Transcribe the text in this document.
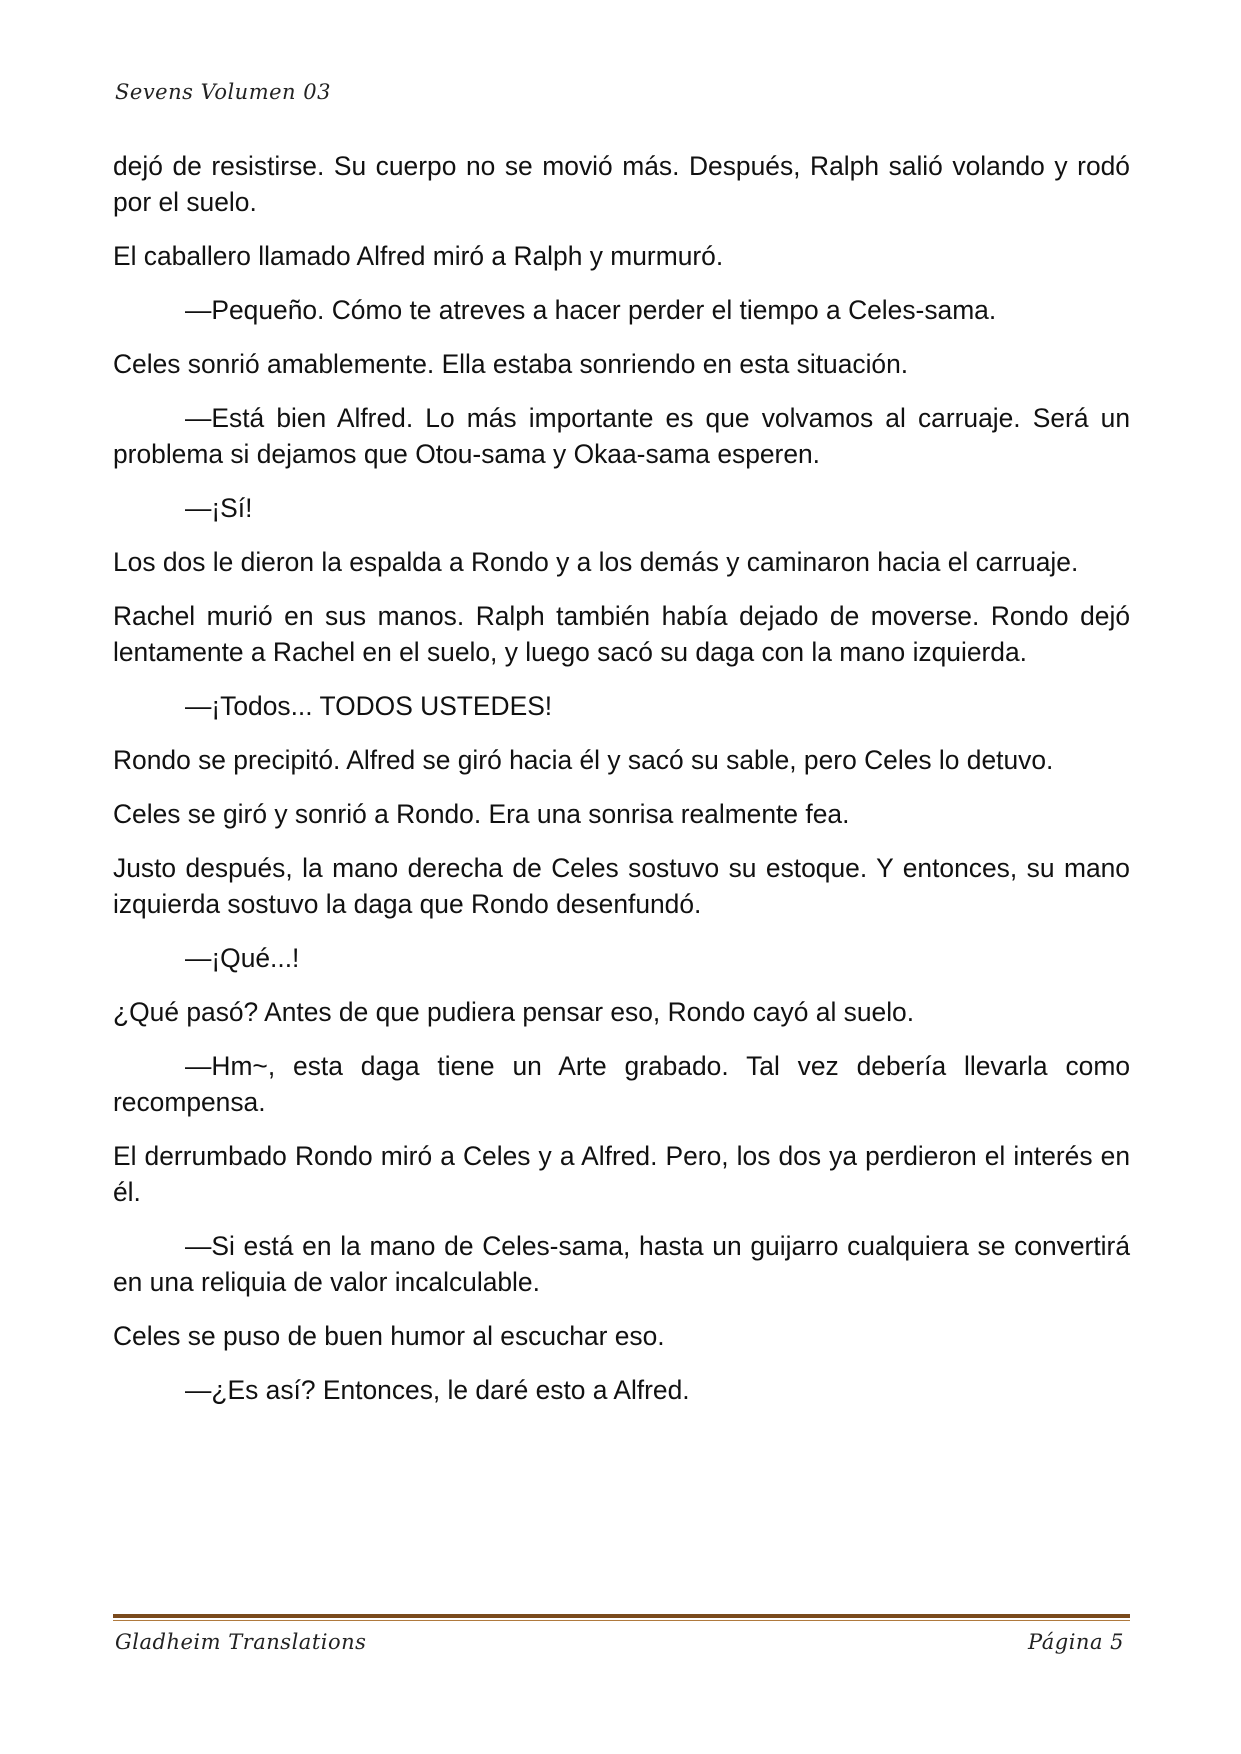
Sevens Volumen 03

dejó de resistirse. Su cuerpo no se movió más. Después, Ralph salió volando y rodó por el suelo.

El caballero llamado Alfred miró a Ralph y murmuró.

—Pequeño. Cómo te atreves a hacer perder el tiempo a Celes-sama.

Celes sonrió amablemente. Ella estaba sonriendo en esta situación.

—Está bien Alfred. Lo más importante es que volvamos al carruaje. Será un problema si dejamos que Otou-sama y Okaa-sama esperen.

—¡Sí!

Los dos le dieron la espalda a Rondo y a los demás y caminaron hacia el carruaje.

Rachel murió en sus manos. Ralph también había dejado de moverse. Rondo dejó lentamente a Rachel en el suelo, y luego sacó su daga con la mano izquierda.

—¡Todos... TODOS USTEDES!

Rondo se precipitó. Alfred se giró hacia él y sacó su sable, pero Celes lo detuvo.

Celes se giró y sonrió a Rondo. Era una sonrisa realmente fea.

Justo después, la mano derecha de Celes sostuvo su estoque. Y entonces, su mano izquierda sostuvo la daga que Rondo desenfundó.

—¡Qué...!

¿Qué pasó? Antes de que pudiera pensar eso, Rondo cayó al suelo.

—Hm~, esta daga tiene un Arte grabado. Tal vez debería llevarla como recompensa.

El derrumbado Rondo miró a Celes y a Alfred. Pero, los dos ya perdieron el interés en él.

—Si está en la mano de Celes-sama, hasta un guijarro cualquiera se convertirá en una reliquia de valor incalculable.

Celes se puso de buen humor al escuchar eso.

—¿Es así? Entonces, le daré esto a Alfred.

Gladheim Translations	Página 5
